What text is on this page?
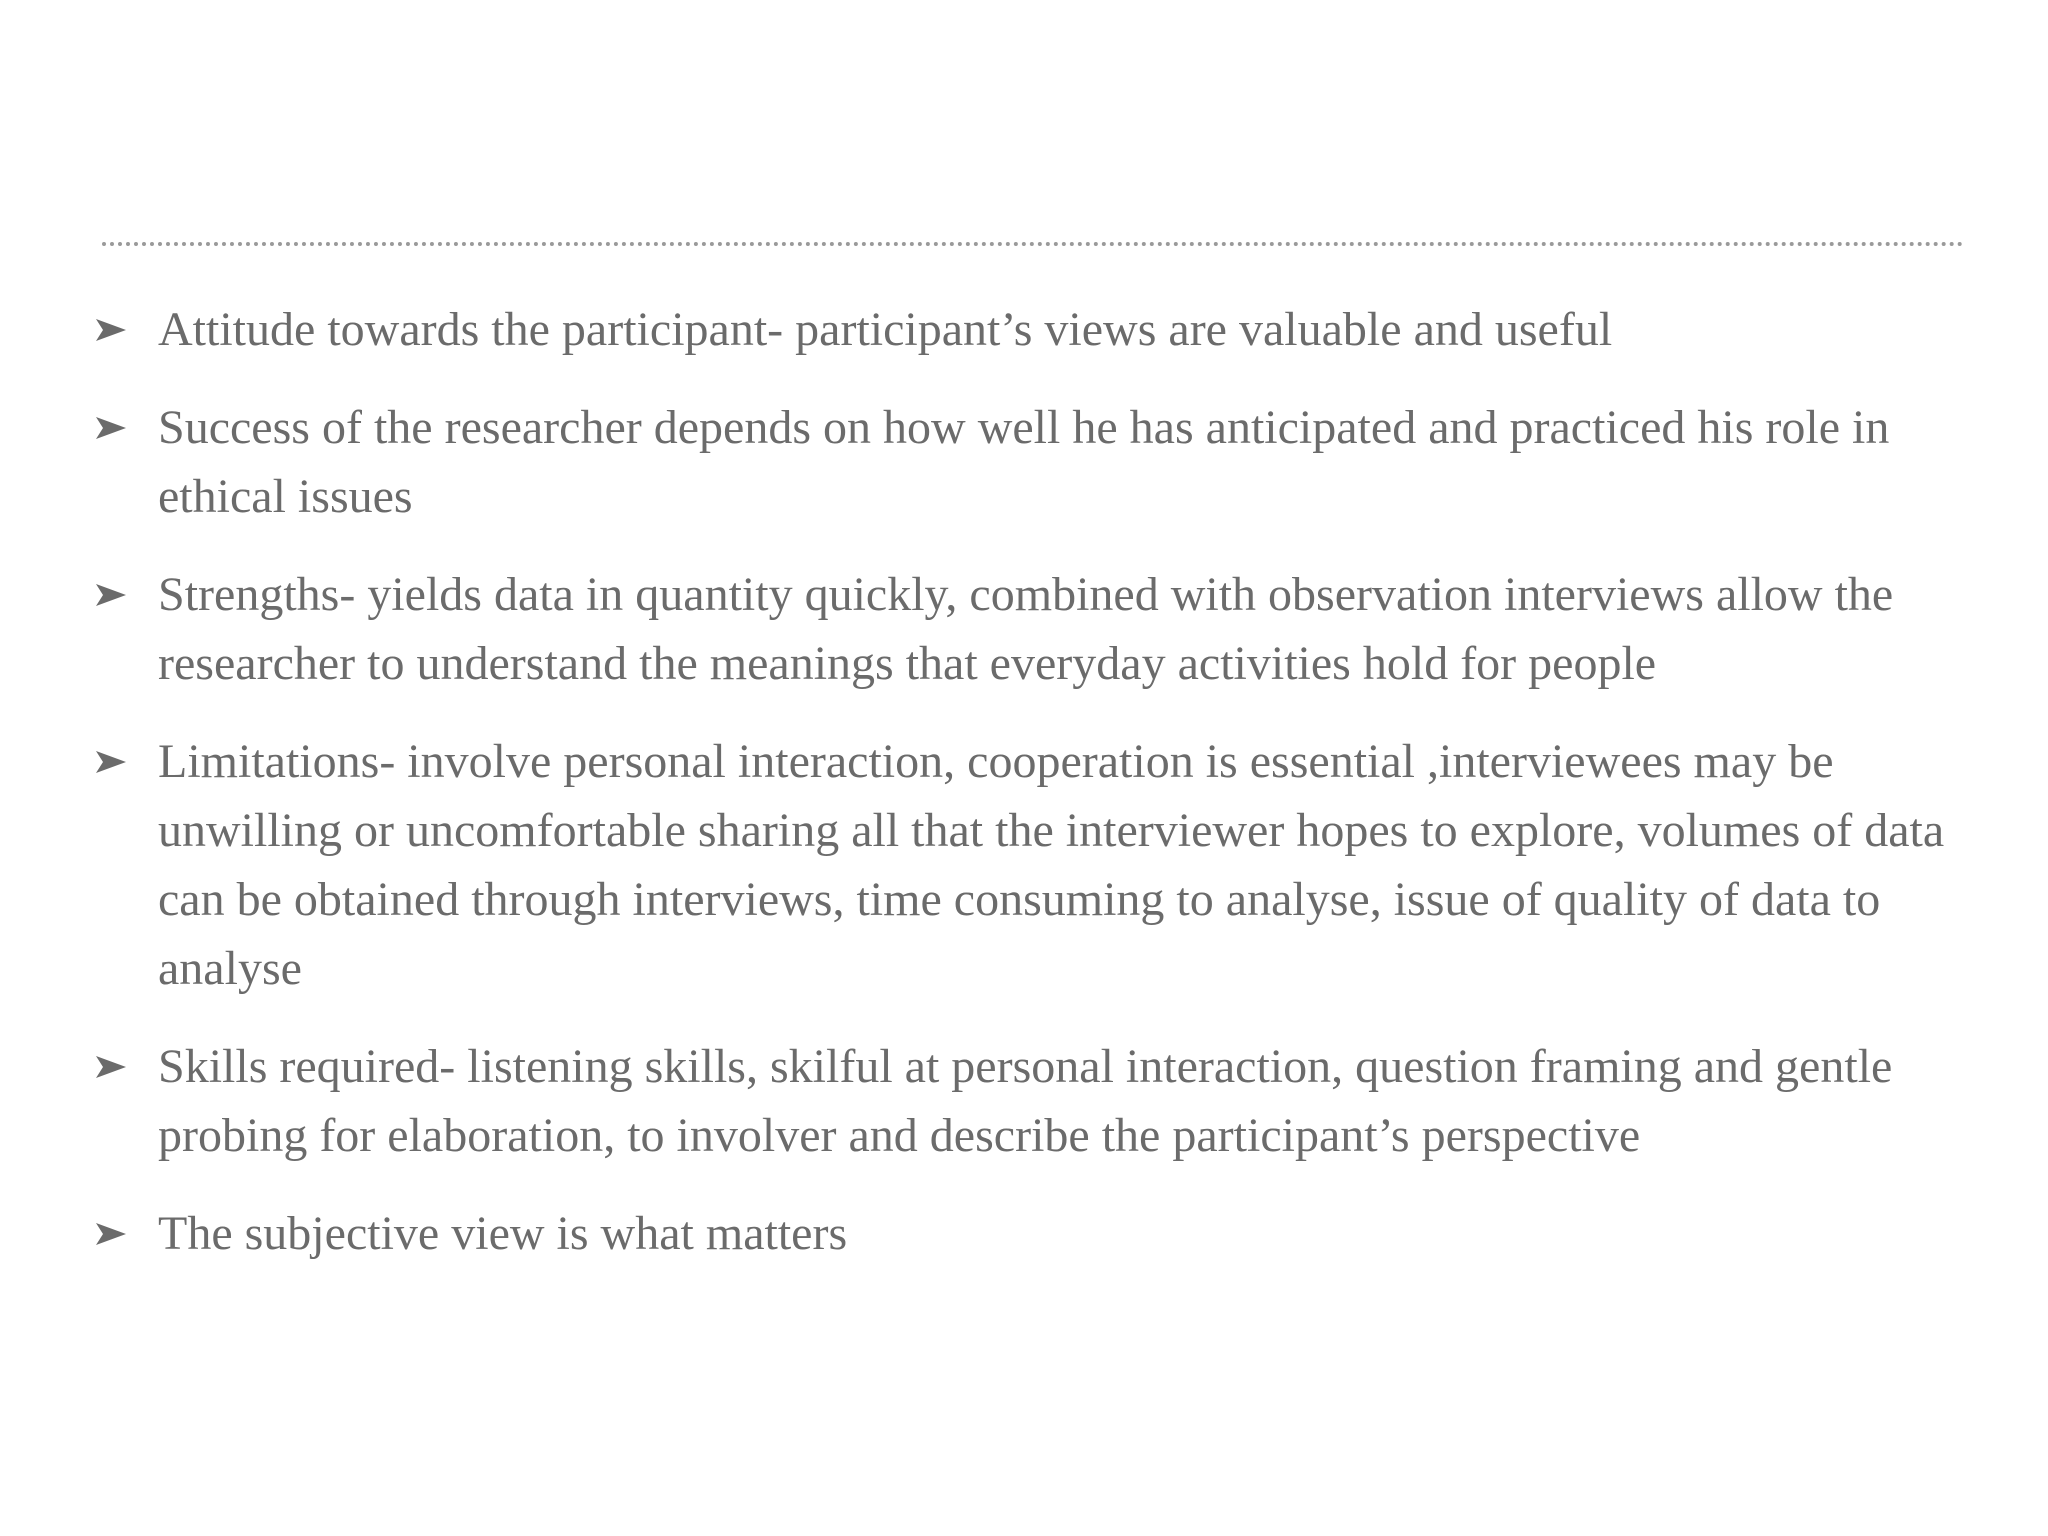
Attitude towards the participant- participant’s views are valuable and useful
Success of the researcher depends on how well he has anticipated and practiced his role in ethical issues
Strengths- yields data in quantity quickly, combined with observation interviews allow the researcher to understand the meanings that everyday activities hold for people
Limitations- involve personal interaction, cooperation is essential ,interviewees may be unwilling or uncomfortable sharing all that the interviewer hopes to explore, volumes of data can be obtained through interviews, time consuming to analyse, issue of quality of data to analyse
Skills required- listening skills, skilful at personal interaction, question framing and gentle probing for elaboration, to involver and describe the participant’s perspective
The subjective view is what matters
